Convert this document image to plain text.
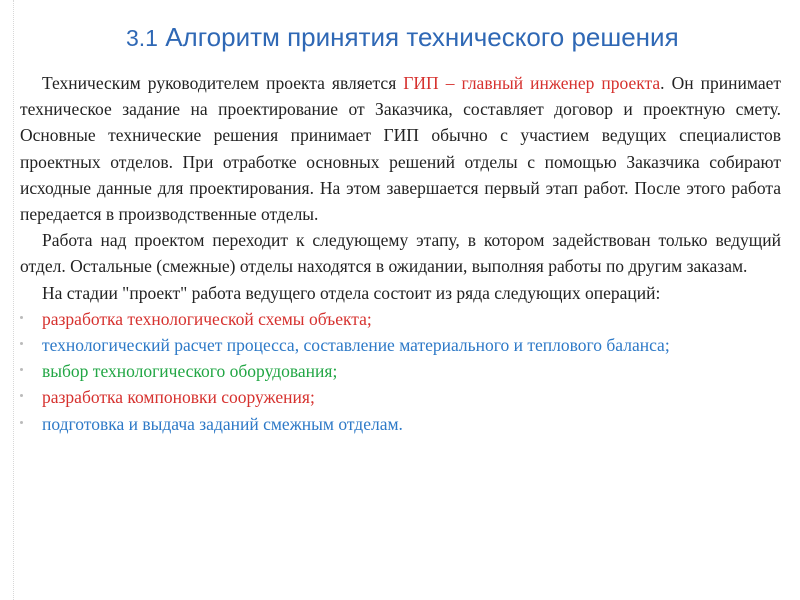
3.1 Алгоритм принятия технического решения

Техническим руководителем проекта является ГИП – главный инженер проекта. Он принимает техническое задание на проектирование от Заказчика, составляет договор и проектную смету. Основные технические решения принимает ГИП обычно с участием ведущих специалистов проектных отделов. При отработке основных решений отделы с помощью Заказчика собирают исходные данные для проектирования. На этом завершается первый этап работ. После этого работа передается в производственные отделы.

Работа над проектом переходит к следующему этапу, в котором задействован только ведущий отдел. Остальные (смежные) отделы находятся в ожидании, выполняя работы по другим заказам.

На стадии "проект" работа ведущего отдела состоит из ряда следующих операций:

разработка технологической схемы объекта;
технологический расчет процесса, составление материального и теплового баланса;
выбор технологического оборудования;
разработка компоновки сооружения;
подготовка и выдача заданий смежным отделам.
